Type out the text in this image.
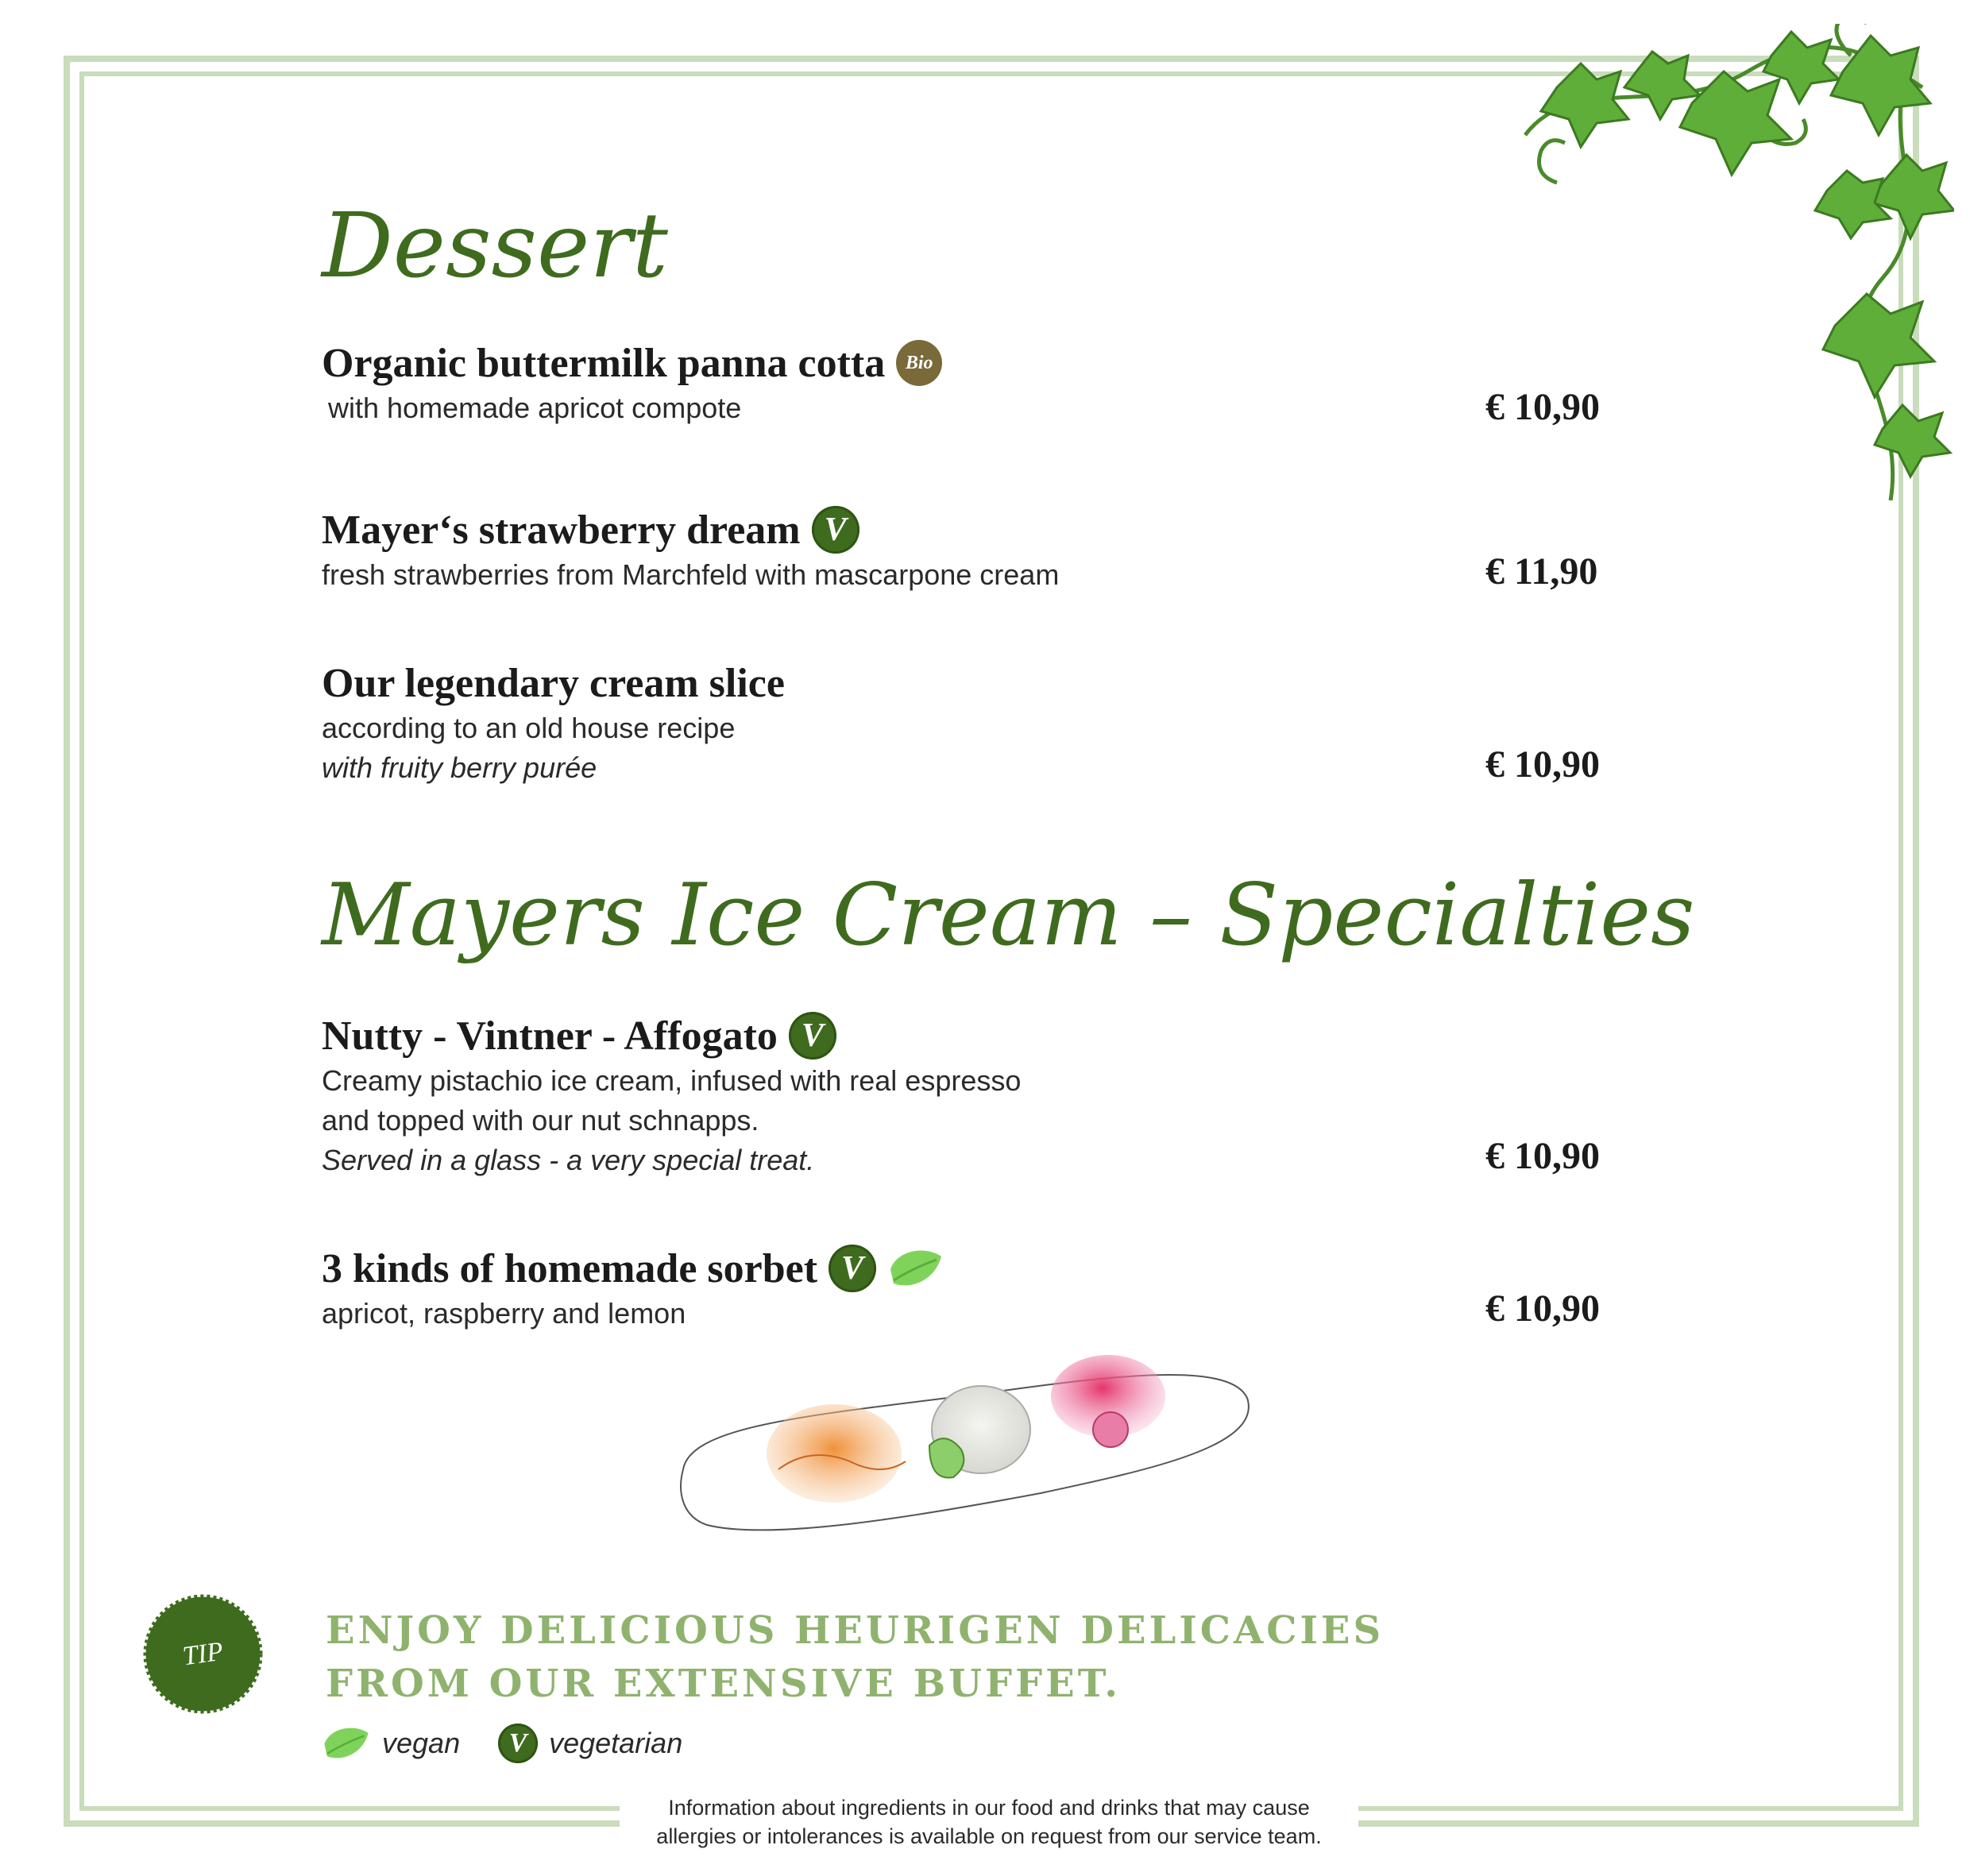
Dessert
Organic buttermilk panna cotta	Bio
with homemade apricot compote	€ 10,90
Mayer‘s strawberry dream V
fresh strawberries from Marchfeld with mascarpone cream	€ 11,90
Our legendary cream slice
according to an old house recipe
with fruity berry purée	€ 10,90
Mayers Ice Cream – Specialties
Nutty - Vintner - Affogato V
Creamy pistachio ice cream, infused with real espresso
and topped with our nut schnapps.
Served in a glass - a very special treat.	€ 10,90
3 kinds of homemade sorbet V
apricot, raspberry and lemon	€ 10,90
TIP
ENJOY DELICIOUS HEURIGEN DELICACIES
FROM OUR EXTENSIVE BUFFET.
vegan	V vegetarian
Information about ingredients in our food and drinks that may cause
allergies or intolerances is available on request from our service team.
